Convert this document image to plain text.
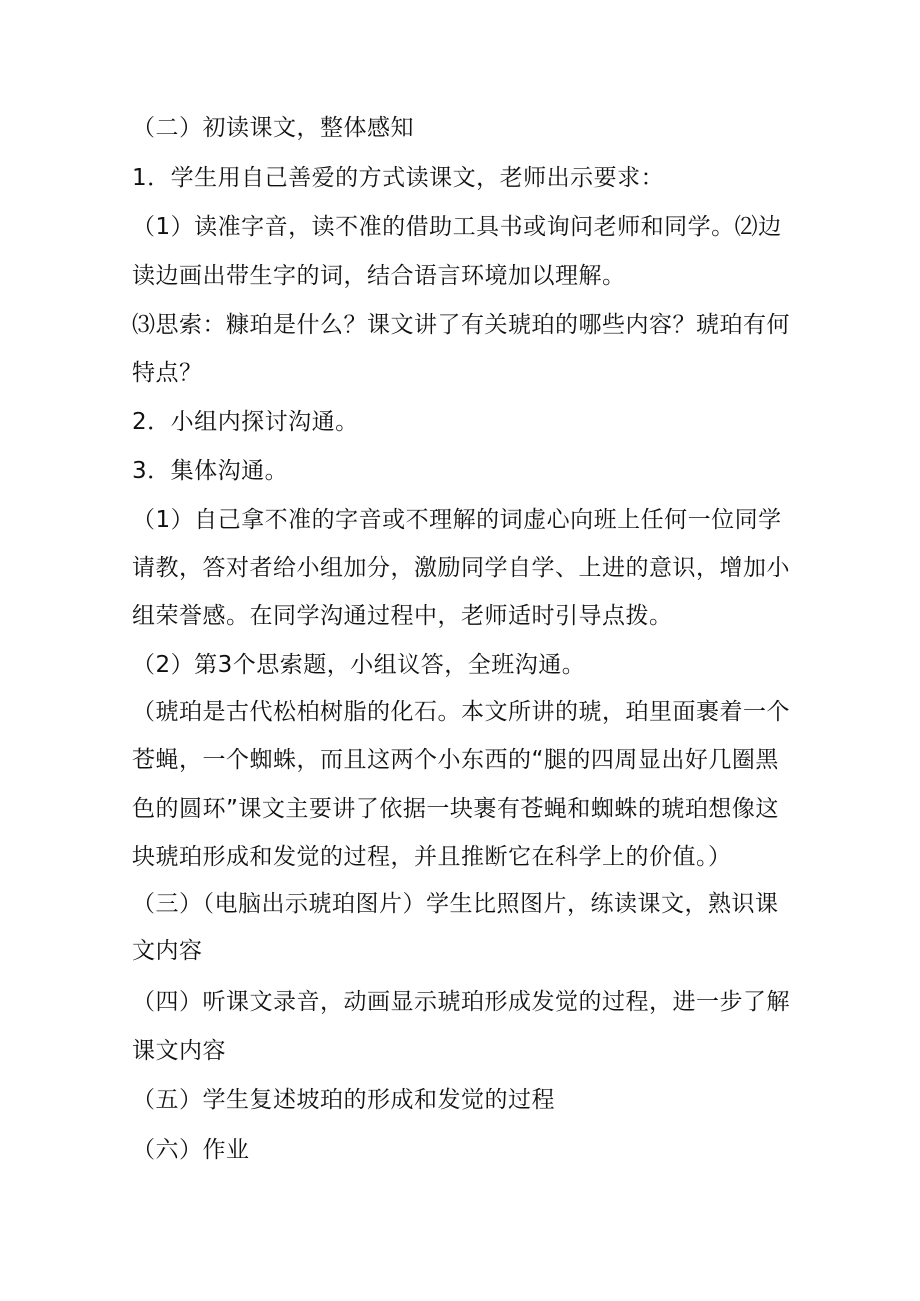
（二）初读课文，整体感知
1．学生用自己善爱的方式读课文，老师出示要求：
（1）读准字音，读不准的借助工具书或询问老师和同学。⑵边
读边画出带生字的词，结合语言环境加以理解。
⑶思索：糠珀是什么？课文讲了有关琥珀的哪些内容？琥珀有何
特点？
2．小组内探讨沟通。
3．集体沟通。
（1）自己拿不准的字音或不理解的词虚心向班上任何一位同学
请教，答对者给小组加分，激励同学自学、上进的意识，增加小
组荣誉感。在同学沟通过程中，老师适时引导点拨。
（2）第3个思索题，小组议答，全班沟通。
（琥珀是古代松柏树脂的化石。本文所讲的琥，珀里面裹着一个
苍蝇，一个蜘蛛，而且这两个小东西的“腿的四周显出好几圈黑
色的圆环”课文主要讲了依据一块裹有苍蝇和蜘蛛的琥珀想像这
块琥珀形成和发觉的过程，并且推断它在科学上的价值。）
（三）（电脑出示琥珀图片）学生比照图片，练读课文，熟识课
文内容
（四）听课文录音，动画显示琥珀形成发觉的过程，进一步了解
课文内容
（五）学生复述坡珀的形成和发觉的过程
（六）作业
